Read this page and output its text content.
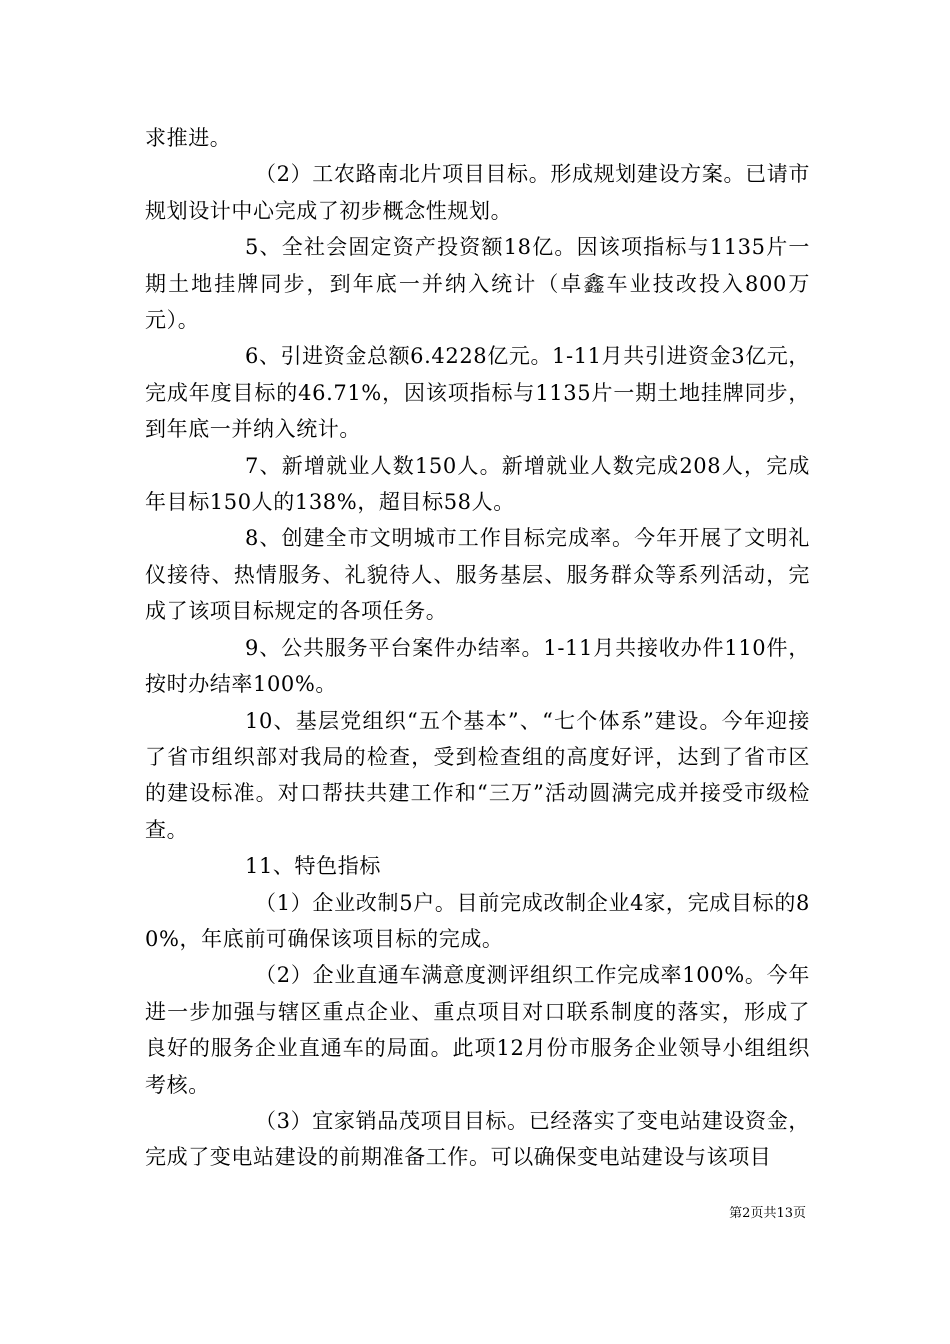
求推进。

（2）工农路南北片项目目标。形成规划建设方案。已请市规划设计中心完成了初步概念性规划。

5、全社会固定资产投资额18亿。因该项指标与1135片一期土地挂牌同步，到年底一并纳入统计（卓鑫车业技改投入800万元）。

6、引进资金总额6.4228亿元。1-11月共引进资金3亿元，完成年度目标的46.71%，因该项指标与1135片一期土地挂牌同步，到年底一并纳入统计。

7、新增就业人数150人。新增就业人数完成208人，完成年目标150人的138%，超目标58人。

8、创建全市文明城市工作目标完成率。今年开展了文明礼仪接待、热情服务、礼貌待人、服务基层、服务群众等系列活动，完成了该项目标规定的各项任务。

9、公共服务平台案件办结率。1-11月共接收办件110件，按时办结率100%。

10、基层党组织“五个基本”、“七个体系”建设。今年迎接了省市组织部对我局的检查，受到检查组的高度好评，达到了省市区的建设标准。对口帮扶共建工作和“三万”活动圆满完成并接受市级检查。

11、特色指标

（1）企业改制5户。目前完成改制企业4家，完成目标的80%，年底前可确保该项目标的完成。

（2）企业直通车满意度测评组织工作完成率100%。今年进一步加强与辖区重点企业、重点项目对口联系制度的落实，形成了良好的服务企业直通车的局面。此项12月份市服务企业领导小组组织考核。

（3）宜家销品茂项目目标。已经落实了变电站建设资金，完成了变电站建设的前期准备工作。可以确保变电站建设与该项目

第2页共13页
